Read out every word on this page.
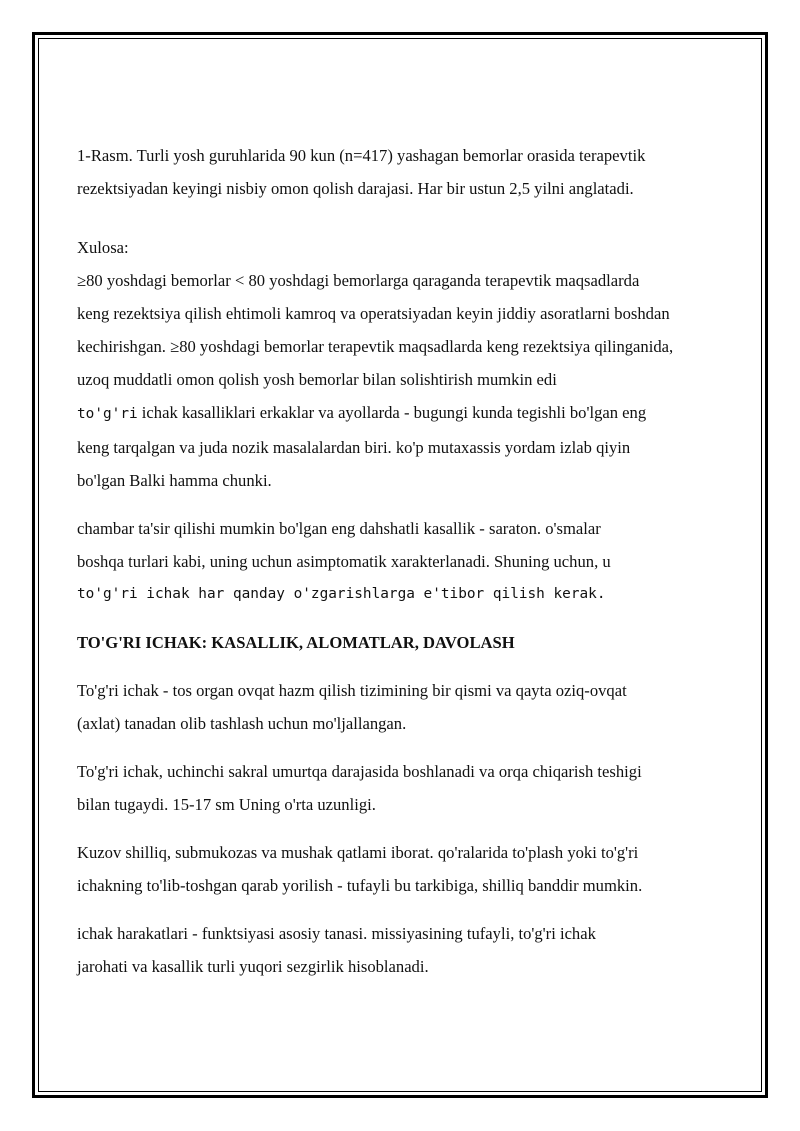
1-Rasm. Turli yosh guruhlarida 90 kun (n=417) yashagan bemorlar orasida terapevtik
rezektsiyadan keyingi nisbiy omon qolish darajasi. Har bir ustun 2,5 yilni anglatadi.
Xulosa:
≥80 yoshdagi bemorlar < 80 yoshdagi bemorlarga qaraganda terapevtik maqsadlarda
keng rezektsiya qilish ehtimoli kamroq va operatsiyadan keyin jiddiy asoratlarni boshdan
kechirishgan. ≥80 yoshdagi bemorlar terapevtik maqsadlarda keng rezektsiya qilinganida,
uzoq muddatli omon qolish yosh bemorlar bilan solishtirish mumkin edi
to'g'ri ichak kasalliklari erkaklar va ayollarda - bugungi kunda tegishli bo'lgan eng
keng tarqalgan va juda nozik masalalardan biri. ko'p mutaxassis yordam izlab qiyin
bo'lgan Balki hamma chunki.
chambar ta'sir qilishi mumkin bo'lgan eng dahshatli kasallik - saraton. o'smalar
boshqa turlari kabi, uning uchun asimptomatik xarakterlanadi. Shuning uchun, u
to'g'ri ichak har qanday o'zgarishlarga e'tibor qilish kerak.
TO'G'RI ICHAK: KASALLIK, ALOMATLAR, DAVOLASH
To'g'ri ichak - tos organ ovqat hazm qilish tizimining bir qismi va qayta oziq-ovqat
(axlat) tanadan olib tashlash uchun mo'ljallangan.
To'g'ri ichak, uchinchi sakral umurtqa darajasida boshlanadi va orqa chiqarish teshigi
bilan tugaydi. 15-17 sm Uning o'rta uzunligi.
Kuzov shilliq, submukozas va mushak qatlami iborat. qo'ralarida to'plash yoki to'g'ri
ichakning to'lib-toshgan qarab yorilish - tufayli bu tarkibiga, shilliq banddir mumkin.
ichak harakatlari - funktsiyasi asosiy tanasi. missiyasining tufayli, to'g'ri ichak
jarohati va kasallik turli yuqori sezgirlik hisoblanadi.
